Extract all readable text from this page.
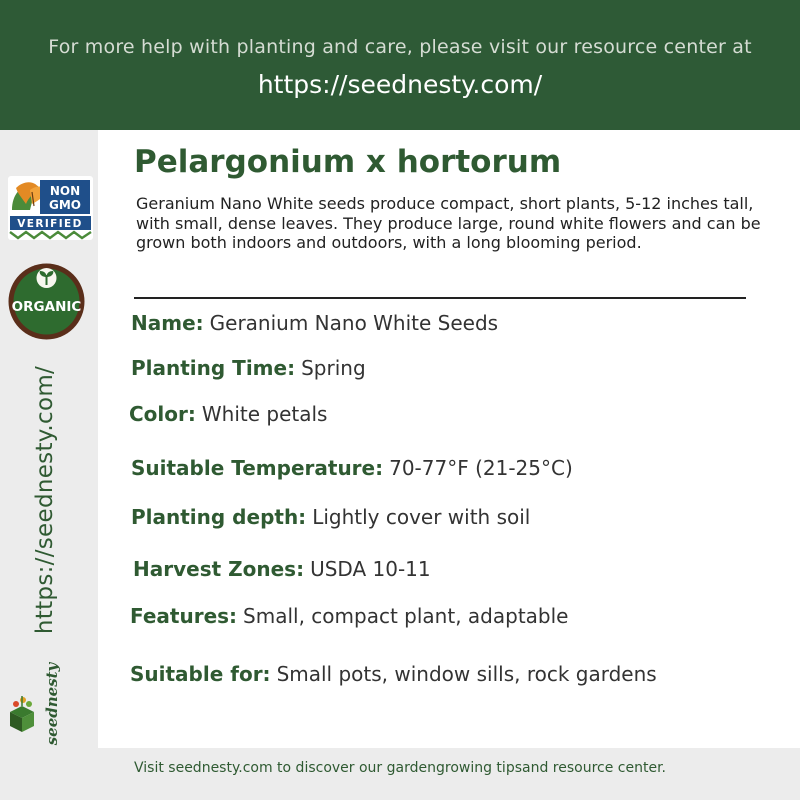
For more help with planting and care, please visit our resource center at
https://seednesty.com/
NON
GMO
VERIFIED
ORGANIC
https://seednesty.com/
seednesty
Pelargonium x hortorum
Geranium Nano White seeds produce compact, short plants, 5-12 inches tall, with small, dense leaves. They produce large, round white flowers and can be grown both indoors and outdoors, with a long blooming period.
Name: Geranium Nano White Seeds
Planting Time: Spring
Color: White petals
Suitable Temperature: 70-77°F (21-25°C)
Planting depth: Lightly cover with soil
Harvest Zones: USDA 10-11
Features: Small, compact plant, adaptable
Suitable for: Small pots, window sills, rock gardens
Visit seednesty.com to discover our gardengrowing tipsand resource center.
